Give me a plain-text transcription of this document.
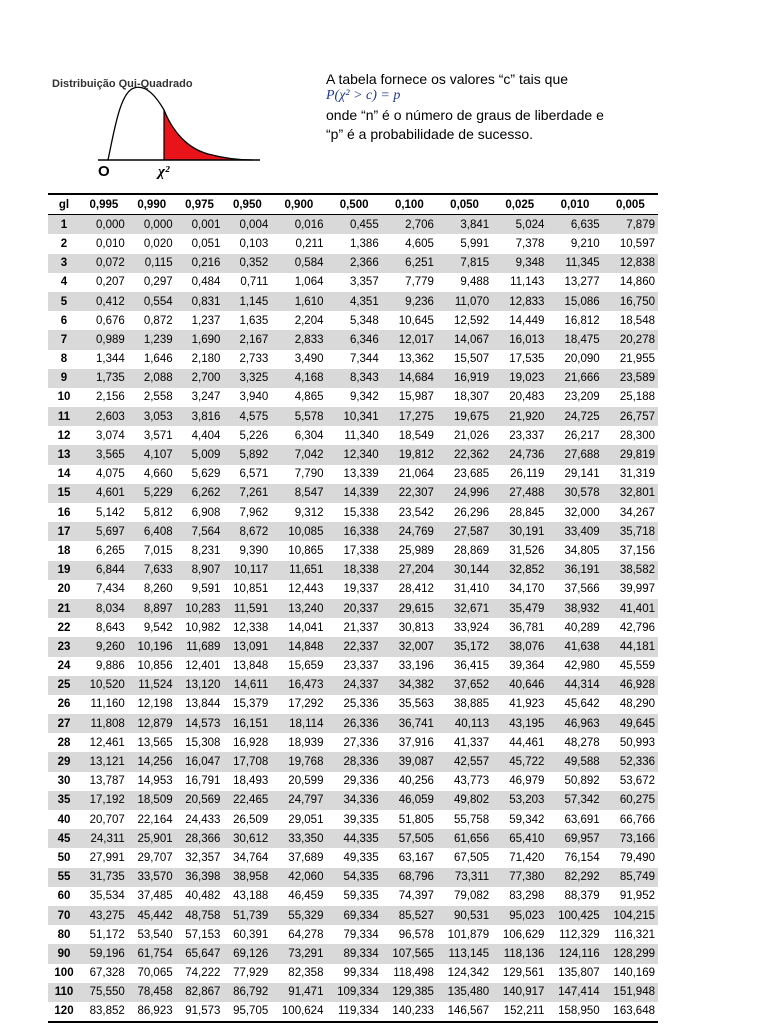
O	χ²
Distribuição Qui-Quadrado	A tabela fornece os valores “c” tais que
P(χ² > c) = p
onde “n” é o número de graus de liberdade e
“p” é a probabilidade de sucesso.
gl	0,995	0,990	0,975	0,950	0,900	0,500	0,100	0,050	0,025	0,010	0,005
1	0,000	0,000	0,001	0,004	0,016	0,455	2,706	3,841	5,024	6,635	7,879
2	0,010	0,020	0,051	0,103	0,211	1,386	4,605	5,991	7,378	9,210	10,597
3	0,072	0,115	0,216	0,352	0,584	2,366	6,251	7,815	9,348	11,345	12,838
4	0,207	0,297	0,484	0,711	1,064	3,357	7,779	9,488	11,143	13,277	14,860
5	0,412	0,554	0,831	1,145	1,610	4,351	9,236	11,070	12,833	15,086	16,750
6	0,676	0,872	1,237	1,635	2,204	5,348	10,645	12,592	14,449	16,812	18,548
7	0,989	1,239	1,690	2,167	2,833	6,346	12,017	14,067	16,013	18,475	20,278
8	1,344	1,646	2,180	2,733	3,490	7,344	13,362	15,507	17,535	20,090	21,955
9	1,735	2,088	2,700	3,325	4,168	8,343	14,684	16,919	19,023	21,666	23,589
10	2,156	2,558	3,247	3,940	4,865	9,342	15,987	18,307	20,483	23,209	25,188
11	2,603	3,053	3,816	4,575	5,578	10,341	17,275	19,675	21,920	24,725	26,757
12	3,074	3,571	4,404	5,226	6,304	11,340	18,549	21,026	23,337	26,217	28,300
13	3,565	4,107	5,009	5,892	7,042	12,340	19,812	22,362	24,736	27,688	29,819
14	4,075	4,660	5,629	6,571	7,790	13,339	21,064	23,685	26,119	29,141	31,319
15	4,601	5,229	6,262	7,261	8,547	14,339	22,307	24,996	27,488	30,578	32,801
16	5,142	5,812	6,908	7,962	9,312	15,338	23,542	26,296	28,845	32,000	34,267
17	5,697	6,408	7,564	8,672	10,085	16,338	24,769	27,587	30,191	33,409	35,718
18	6,265	7,015	8,231	9,390	10,865	17,338	25,989	28,869	31,526	34,805	37,156
19	6,844	7,633	8,907	10,117	11,651	18,338	27,204	30,144	32,852	36,191	38,582
20	7,434	8,260	9,591	10,851	12,443	19,337	28,412	31,410	34,170	37,566	39,997
21	8,034	8,897	10,283	11,591	13,240	20,337	29,615	32,671	35,479	38,932	41,401
22	8,643	9,542	10,982	12,338	14,041	21,337	30,813	33,924	36,781	40,289	42,796
23	9,260	10,196	11,689	13,091	14,848	22,337	32,007	35,172	38,076	41,638	44,181
24	9,886	10,856	12,401	13,848	15,659	23,337	33,196	36,415	39,364	42,980	45,559
25	10,520	11,524	13,120	14,611	16,473	24,337	34,382	37,652	40,646	44,314	46,928
26	11,160	12,198	13,844	15,379	17,292	25,336	35,563	38,885	41,923	45,642	48,290
27	11,808	12,879	14,573	16,151	18,114	26,336	36,741	40,113	43,195	46,963	49,645
28	12,461	13,565	15,308	16,928	18,939	27,336	37,916	41,337	44,461	48,278	50,993
29	13,121	14,256	16,047	17,708	19,768	28,336	39,087	42,557	45,722	49,588	52,336
30	13,787	14,953	16,791	18,493	20,599	29,336	40,256	43,773	46,979	50,892	53,672
35	17,192	18,509	20,569	22,465	24,797	34,336	46,059	49,802	53,203	57,342	60,275
40	20,707	22,164	24,433	26,509	29,051	39,335	51,805	55,758	59,342	63,691	66,766
45	24,311	25,901	28,366	30,612	33,350	44,335	57,505	61,656	65,410	69,957	73,166
50	27,991	29,707	32,357	34,764	37,689	49,335	63,167	67,505	71,420	76,154	79,490
55	31,735	33,570	36,398	38,958	42,060	54,335	68,796	73,311	77,380	82,292	85,749
60	35,534	37,485	40,482	43,188	46,459	59,335	74,397	79,082	83,298	88,379	91,952
70	43,275	45,442	48,758	51,739	55,329	69,334	85,527	90,531	95,023	100,425	104,215
80	51,172	53,540	57,153	60,391	64,278	79,334	96,578	101,879	106,629	112,329	116,321
90	59,196	61,754	65,647	69,126	73,291	89,334	107,565	113,145	118,136	124,116	128,299
100	67,328	70,065	74,222	77,929	82,358	99,334	118,498	124,342	129,561	135,807	140,169
110	75,550	78,458	82,867	86,792	91,471	109,334	129,385	135,480	140,917	147,414	151,948
120	83,852	86,923	91,573	95,705	100,624	119,334	140,233	146,567	152,211	158,950	163,648
